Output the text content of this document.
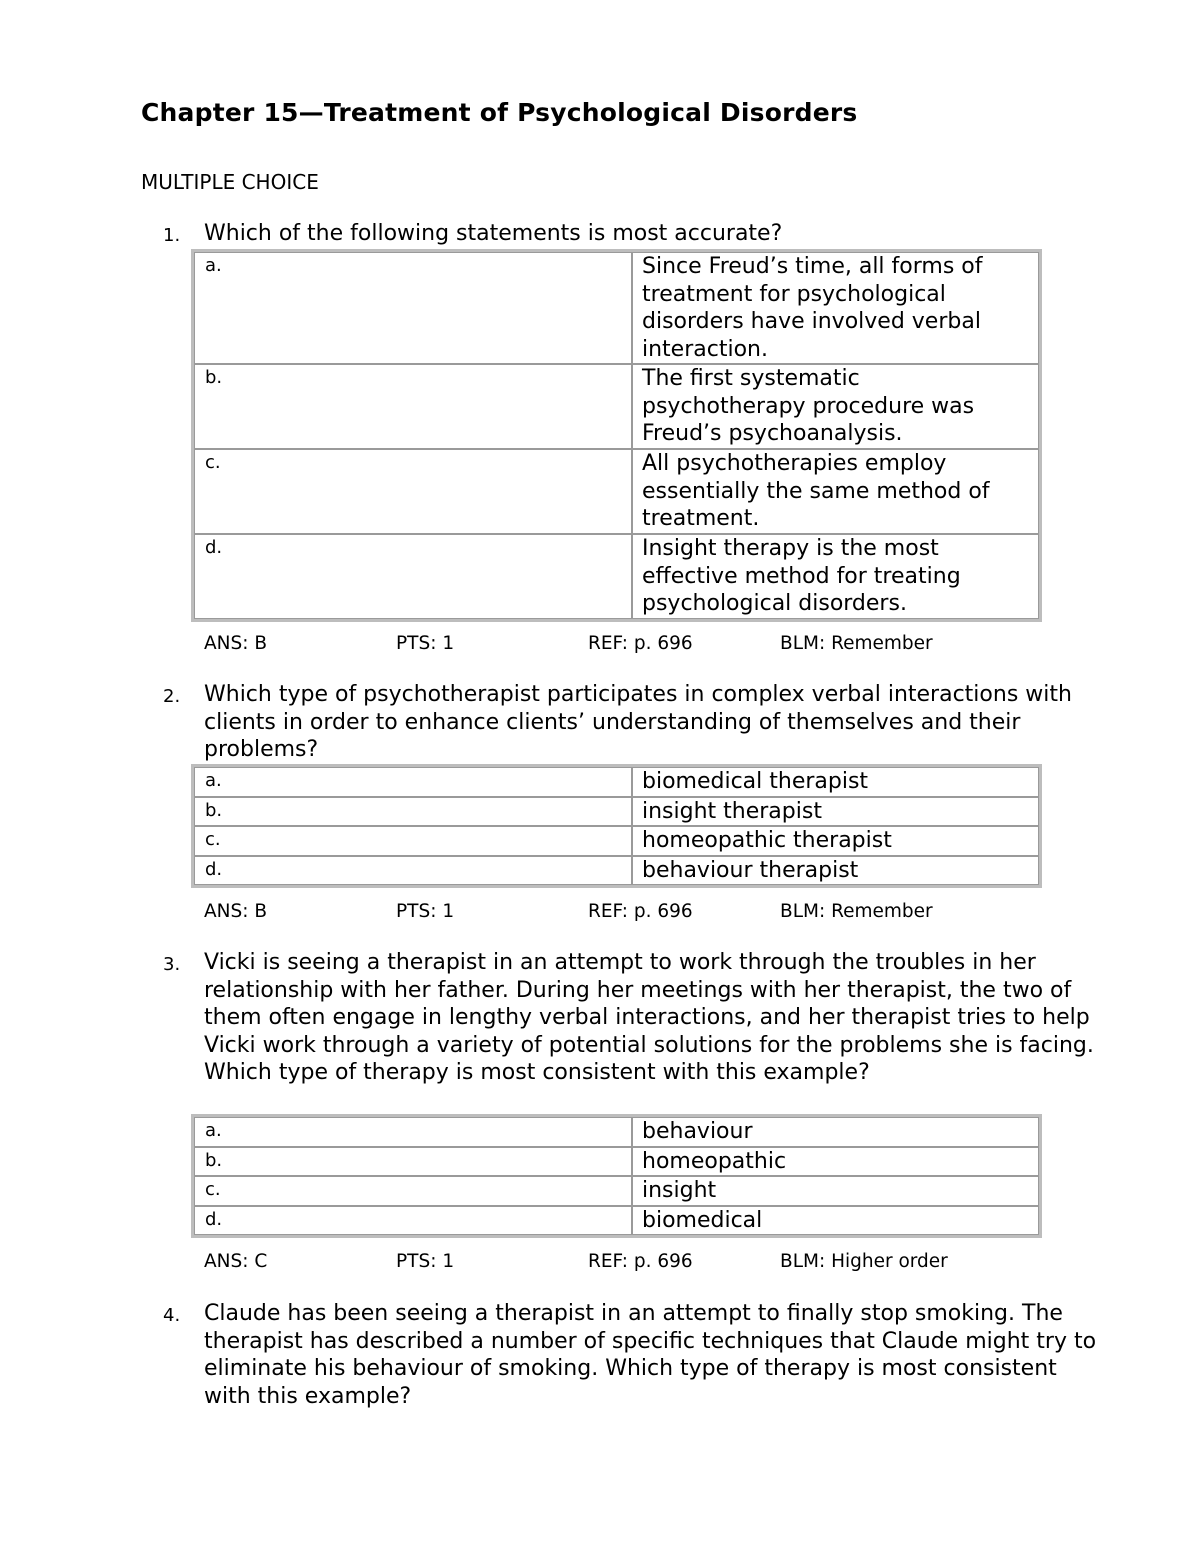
Chapter 15—Treatment of Psychological Disorders
MULTIPLE CHOICE
1.	Which of the following statements is most accurate?
a.	Since Freud’s time, all forms of treatment for psychological disorders have involved verbal interaction.
b.	The first systematic psychotherapy procedure was Freud’s psychoanalysis.
c.	All psychotherapies employ essentially the same method of treatment.
d.	Insight therapy is the most effective method for treating psychological disorders.
ANS: B	PTS: 1	REF: p. 696	BLM: Remember
2.	Which type of psychotherapist participates in complex verbal interactions with clients in order to enhance clients’ understanding of themselves and their problems?
a.	biomedical therapist
b.	insight therapist
c.	homeopathic therapist
d.	behaviour therapist
ANS: B	PTS: 1	REF: p. 696	BLM: Remember
3.	Vicki is seeing a therapist in an attempt to work through the troubles in her relationship with her father. During her meetings with her therapist, the two of them often engage in lengthy verbal interactions, and her therapist tries to help Vicki work through a variety of potential solutions for the problems she is facing. Which type of therapy is most consistent with this example?
a.	behaviour
b.	homeopathic
c.	insight
d.	biomedical
ANS: C	PTS: 1	REF: p. 696	BLM: Higher order
4.	Claude has been seeing a therapist in an attempt to finally stop smoking. The therapist has described a number of specific techniques that Claude might try to eliminate his behaviour of smoking. Which type of therapy is most consistent with this example?
